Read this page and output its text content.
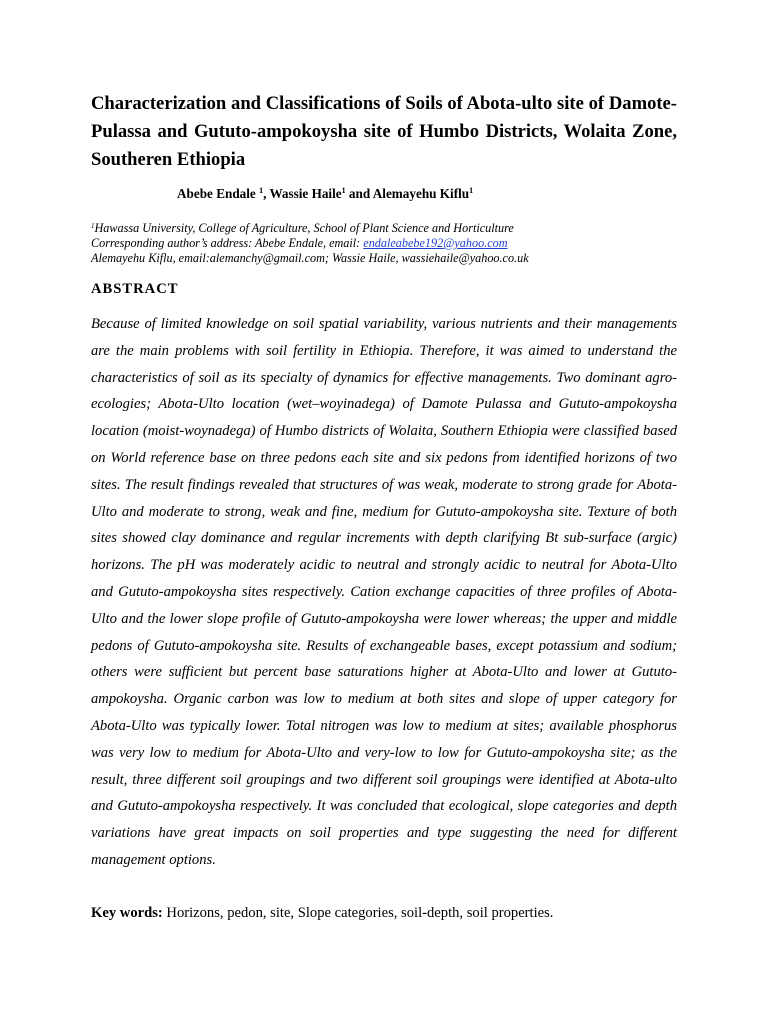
Characterization and Classifications of Soils of Abota-ulto site of Damote-Pulassa and Gututo-ampokoysha site of Humbo Districts, Wolaita Zone, Southeren Ethiopia
Abebe Endale $^1$, Wassie Haile$^1$ and Alemayehu Kiflu$^1$
$^1$Hawassa University, College of Agriculture, School of Plant Science and Horticulture
Corresponding author’s address: Abebe Endale, email: endaleabebe192@yahoo.com
Alemayehu Kiflu, email:alemanchy@gmail.com; Wassie Haile, wassiehaile@yahoo.co.uk
ABSTRACT

Because of limited knowledge on soil spatial variability, various nutrients and their managements are the main problems with soil fertility in Ethiopia. Therefore, it was aimed to understand the characteristics of soil as its specialty of dynamics for effective managements. Two dominant agro-ecologies; Abota-Ulto location (wet–woyinadega) of Damote Pulassa and Gututo-ampokoysha location (moist-woynadega) of Humbo districts of Wolaita, Southern Ethiopia were classified based on World reference base on three pedons each site and six pedons from identified horizons of two sites. The result findings revealed that structures of was weak, moderate to strong grade for Abota-Ulto and moderate to strong, weak and fine, medium for Gututo-ampokoysha site. Texture of both sites showed clay dominance and regular increments with depth clarifying Bt sub-surface (argic) horizons. The pH was moderately acidic to neutral and strongly acidic to neutral for Abota-Ulto and Gututo-ampokoysha sites respectively. Cation exchange capacities of three profiles of Abota-Ulto and the lower slope profile of Gututo-ampokoysha were lower whereas; the upper and middle pedons of Gututo-ampokoysha site. Results of exchangeable bases, except potassium and sodium; others were sufficient but percent base saturations higher at Abota-Ulto and lower at Gututo-ampokoysha. Organic carbon was low to medium at both sites and slope of upper category for Abota-Ulto was typically lower. Total nitrogen was low to medium at sites; available phosphorus was very low to medium for Abota-Ulto and very-low to low for Gututo-ampokoysha site; as the result, three different soil groupings and two different soil groupings were identified at Abota-ulto and Gututo-ampokoysha respectively. It was concluded that ecological, slope categories and depth variations have great impacts on soil properties and type suggesting the need for different management options.

Key words: Horizons, pedon, site, Slope categories, soil-depth, soil properties.
